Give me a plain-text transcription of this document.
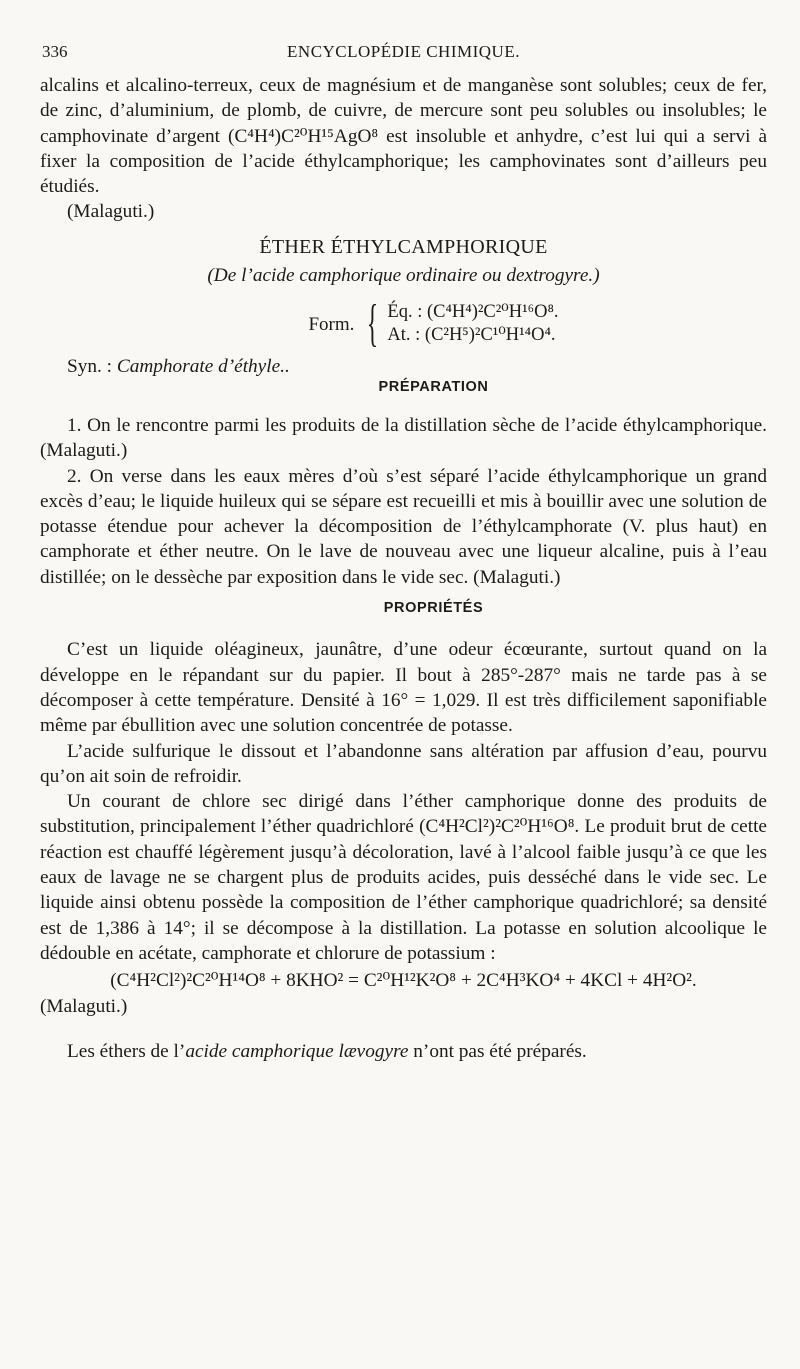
336	ENCYCLOPÉDIE CHIMIQUE.

alcalins et alcalino-terreux, ceux de magnésium et de manganèse sont solubles; ceux de fer, de zinc, d’aluminium, de plomb, de cuivre, de mercure sont peu solubles ou insolubles; le camphovinate d’argent (C⁴H⁴)C²⁰H¹⁵AgO⁸ est insoluble et anhydre, c’est lui qui a servi à fixer la composition de l’acide éthylcamphorique; les camphovinates sont d’ailleurs peu étudiés.

(Malaguti.)

ÉTHER ÉTHYLCAMPHORIQUE
(De l’acide camphorique ordinaire ou dextrogyre.)
Form. { Éq. : (C⁴H⁴)²C²⁰H¹⁶O⁸.
At. : (C²H⁵)²C¹⁰H¹⁴O⁴.

Syn. : Camphorate d’éthyle..

PRÉPARATION

1. On le rencontre parmi les produits de la distillation sèche de l’acide éthylcamphorique. (Malaguti.)

2. On verse dans les eaux mères d’où s’est séparé l’acide éthylcamphorique un grand excès d’eau; le liquide huileux qui se sépare est recueilli et mis à bouillir avec une solution de potasse étendue pour achever la décomposition de l’éthylcamphorate (V. plus haut) en camphorate et éther neutre. On le lave de nouveau avec une liqueur alcaline, puis à l’eau distillée; on le dessèche par exposition dans le vide sec. (Malaguti.)

PROPRIÉTÉS

C’est un liquide oléagineux, jaunâtre, d’une odeur écœurante, surtout quand on la développe en le répandant sur du papier. Il bout à 285°-287° mais ne tarde pas à se décomposer à cette température. Densité à 16° = 1,029. Il est très difficilement saponifiable même par ébullition avec une solution concentrée de potasse.

L’acide sulfurique le dissout et l’abandonne sans altération par affusion d’eau, pourvu qu’on ait soin de refroidir.

Un courant de chlore sec dirigé dans l’éther camphorique donne des produits de substitution, principalement l’éther quadrichloré (C⁴H²Cl²)²C²⁰H¹⁶O⁸. Le produit brut de cette réaction est chauffé légèrement jusqu’à décoloration, lavé à l’alcool faible jusqu’à ce que les eaux de lavage ne se chargent plus de produits acides, puis desséché dans le vide sec. Le liquide ainsi obtenu possède la composition de l’éther camphorique quadrichloré; sa densité est de 1,386 à 14°; il se décompose à la distillation. La potasse en solution alcoolique le dédouble en acétate, camphorate et chlorure de potassium :

(C⁴H²Cl²)²C²⁰H¹⁴O⁸ + 8KHO² = C²⁰H¹²K²O⁸ + 2C⁴H³KO⁴ + 4KCl + 4H²O².

(Malaguti.)

Les éthers de l’acide camphorique lævogyre n’ont pas été préparés.
